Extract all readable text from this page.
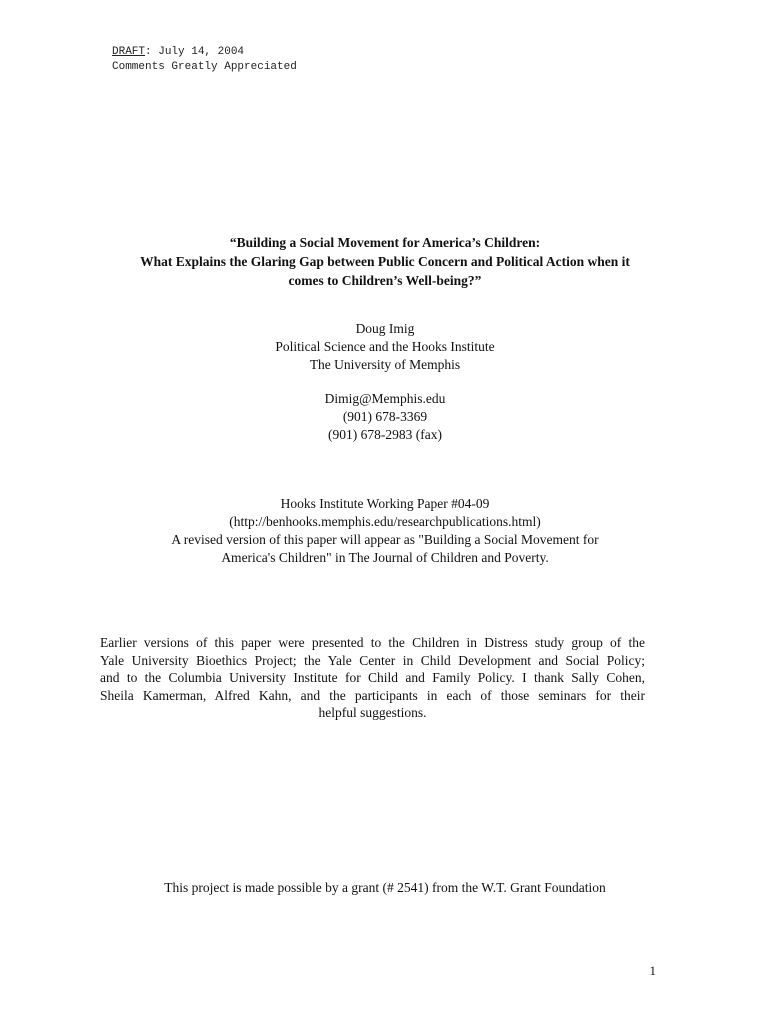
DRAFT: July 14, 2004
Comments Greatly Appreciated
“Building a Social Movement for America’s Children:
What Explains the Glaring Gap between Public Concern and Political Action when it
comes to Children’s Well-being?”
Doug Imig
Political Science and the Hooks Institute
The University of Memphis
Dimig@Memphis.edu
(901) 678-3369
(901) 678-2983 (fax)
Hooks Institute Working Paper #04-09
(http://benhooks.memphis.edu/researchpublications.html)
A revised version of this paper will appear as "Building a Social Movement for
America's Children" in The Journal of Children and Poverty.
Earlier versions of this paper were presented to the Children in Distress study group of the
Yale University Bioethics Project; the Yale Center in Child Development and Social Policy;
and to the Columbia University Institute for Child and Family Policy. I thank Sally Cohen,
Sheila Kamerman, Alfred Kahn, and the participants in each of those seminars for their
helpful suggestions.
This project is made possible by a grant (# 2541) from the W.T. Grant Foundation
1
